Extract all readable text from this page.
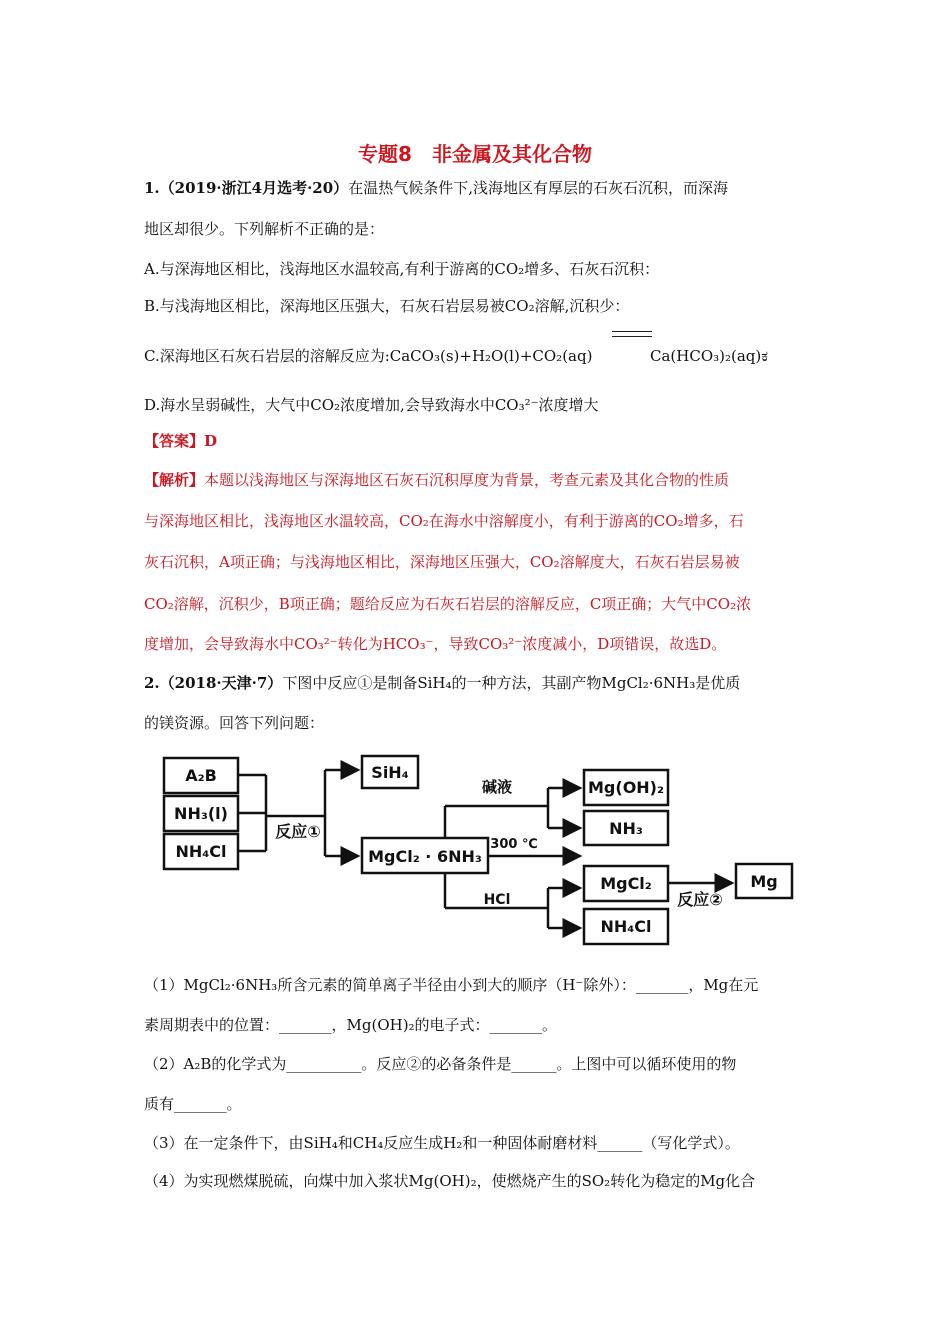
专题8　非金属及其化合物
1.（2019·浙江4月选考·20）在温热气候条件下,浅海地区有厚层的石灰石沉积，而深海
地区却很少。下列解析不正确的是：
A.与深海地区相比，浅海地区水温较高,有利于游离的CO₂增多、石灰石沉积：
B.与浅海地区相比，深海地区压强大，石灰石岩层易被CO₂溶解,沉积少：
C.深海地区石灰石岩层的溶解反应为:CaCO₃(s)+H₂O(l)+CO₂(aq)	Ca(HCO₃)₂(aq)ಕ
D.海水呈弱碱性，大气中CO₂浓度增加,会导致海水中CO₃²⁻浓度增大
【答案】D
【解析】本题以浅海地区与深海地区石灰石沉积厚度为背景，考查元素及其化合物的性质
与深海地区相比，浅海地区水温较高，CO₂在海水中溶解度小，有利于游离的CO₂增多，石
灰石沉积，A项正确；与浅海地区相比，深海地区压强大，CO₂溶解度大，石灰石岩层易被
CO₂溶解，沉积少，B项正确；题给反应为石灰石岩层的溶解反应，C项正确；大气中CO₂浓
度增加，会导致海水中CO₃²⁻转化为HCO₃⁻，导致CO₃²⁻浓度减小，D项错误，故选D。
2.（2018·天津·7）下图中反应①是制备SiH₄的一种方法，其副产物MgCl₂·6NH₃是优质
的镁资源。回答下列问题：
A₂B
NH₃(l)
NH₄Cl
反应①
SiH₄
MgCl₂ · 6NH₃
碱液
300 ℃
HCl
Mg(OH)₂
NH₃
MgCl₂
NH₄Cl
反应②
Mg
（1）MgCl₂·6NH₃所含元素的简单离子半径由小到大的顺序（H⁻除外）：_______，Mg在元
素周期表中的位置：_______，Mg(OH)₂的电子式：_______。
（2）A₂B的化学式为__________。反应②的必备条件是______。上图中可以循环使用的物
质有_______。
（3）在一定条件下，由SiH₄和CH₄反应生成H₂和一种固体耐磨材料______（写化学式）。
（4）为实现燃煤脱硫，向煤中加入浆状Mg(OH)₂，使燃烧产生的SO₂转化为稳定的Mg化合
